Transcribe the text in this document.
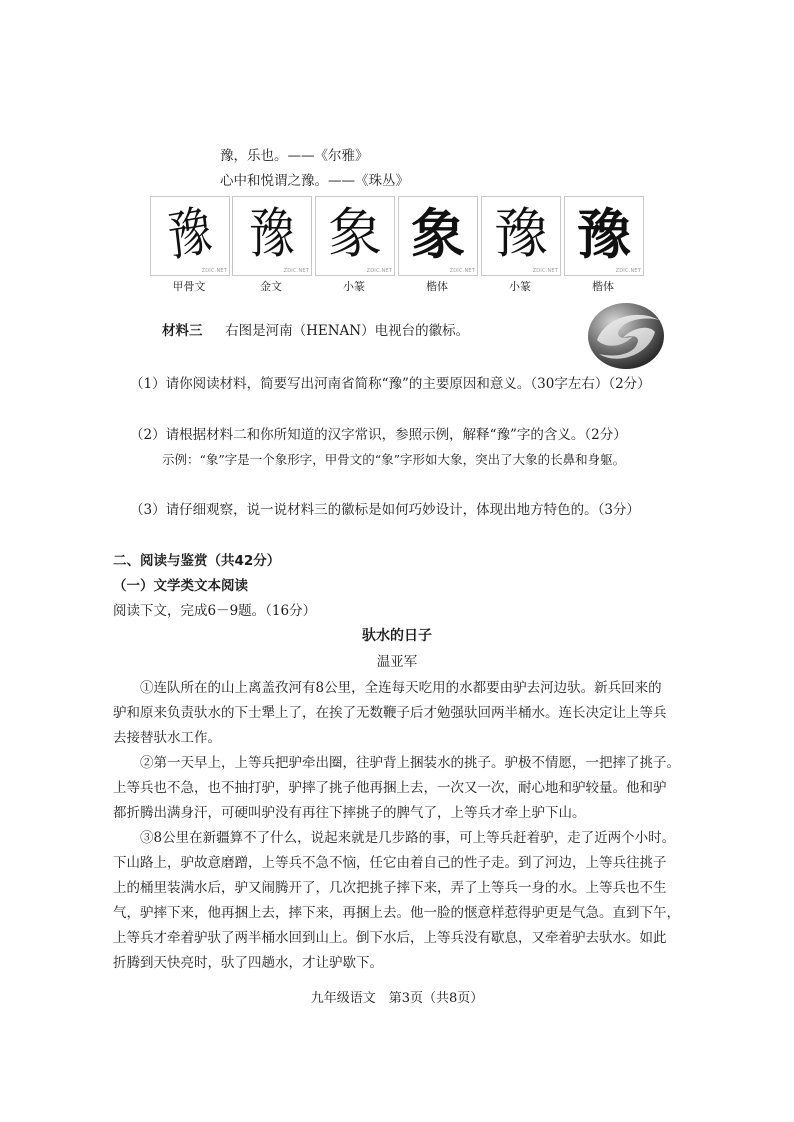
豫，乐也。——《尔雅》
心中和悦谓之豫。——《珠丛》
豫
ZDIC.NET
豫
ZDIC.NET
象
ZDIC.NET
象
ZDIC.NET
豫
ZDIC.NET
豫
ZDIC.NET
甲骨文	金文	小篆	楷体	小篆	楷体
材料三 右图是河南（HENAN）电视台的徽标。
（1）请你阅读材料，简要写出河南省简称“豫”的主要原因和意义。（30字左右）（2分）
（2）请根据材料二和你所知道的汉字常识，参照示例，解释“豫”字的含义。（2分）
示例：“象”字是一个象形字，甲骨文的“象”字形如大象，突出了大象的长鼻和身躯。
（3）请仔细观察，说一说材料三的徽标是如何巧妙设计，体现出地方特色的。（3分）
二、阅读与鉴赏（共42分）
（一）文学类文本阅读
阅读下文，完成6－9题。（16分）
驮水的日子
温亚军
①连队所在的山上离盖孜河有8公里，全连每天吃用的水都要由驴去河边驮。新兵回来的
驴和原来负责驮水的下士犟上了，在挨了无数鞭子后才勉强驮回两半桶水。连长决定让上等兵
去接替驮水工作。
②第一天早上，上等兵把驴牵出圈，往驴背上捆装水的挑子。驴极不情愿，一把摔了挑子。
上等兵也不急，也不抽打驴，驴摔了挑子他再捆上去，一次又一次，耐心地和驴较量。他和驴
都折腾出满身汗，可硬叫驴没有再往下摔挑子的脾气了，上等兵才牵上驴下山。
③8公里在新疆算不了什么，说起来就是几步路的事，可上等兵赶着驴，走了近两个小时。
下山路上，驴故意磨蹭，上等兵不急不恼，任它由着自己的性子走。到了河边，上等兵往挑子
上的桶里装满水后，驴又闹腾开了，几次把挑子摔下来，弄了上等兵一身的水。上等兵也不生
气，驴摔下来，他再捆上去，摔下来，再捆上去。他一脸的惬意样惹得驴更是气急。直到下午，
上等兵才牵着驴驮了两半桶水回到山上。倒下水后，上等兵没有歇息，又牵着驴去驮水。如此
折腾到天快亮时，驮了四趟水，才让驴歇下。
九年级语文　第3页（共8页）
